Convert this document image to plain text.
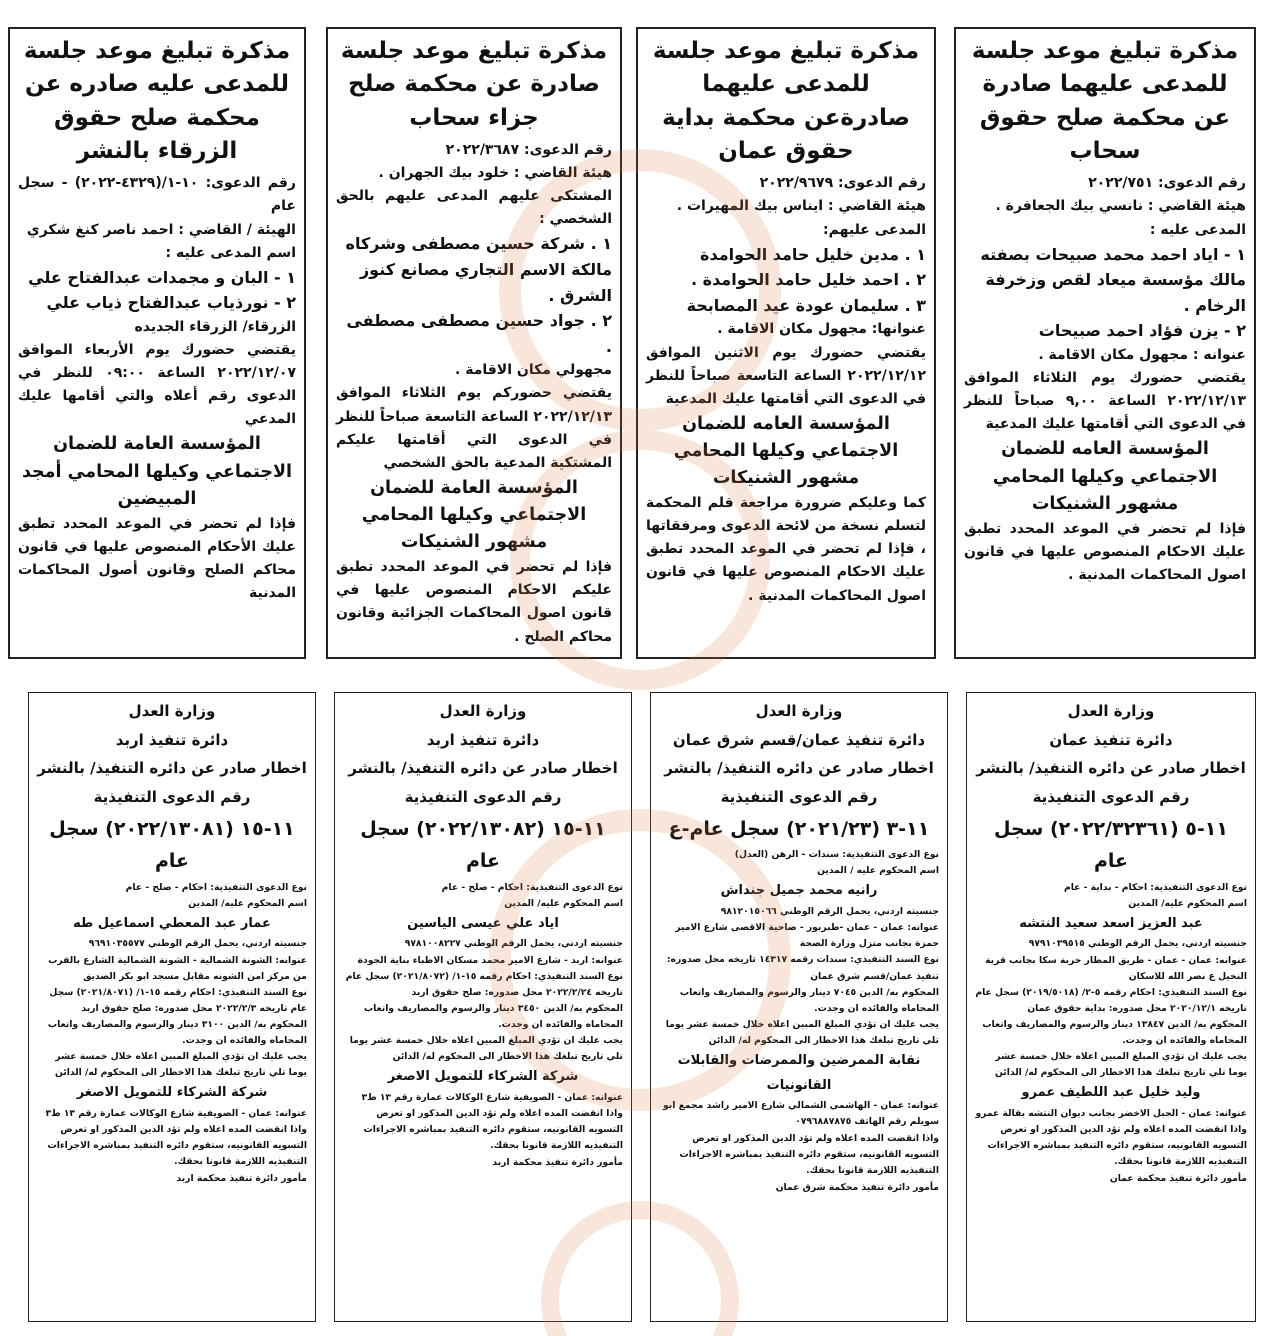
مذكرة تبليغ موعد جلسة للمدعى عليهما صادرة عن محكمة صلح حقوق سحاب
رقم الدعوى: ٢٠٢٢/٧٥١
هيئة القاضي : نانسي بيك الجعافرة .
المدعى عليه :
١ - اياد احمد محمد صبيحات بصفته مالك مؤسسة ميعاد لقص وزخرفة الرخام .
٢ - يزن فؤاد احمد صبيحات
عنوانه : مجهول مكان الاقامة .
يقتضي حضورك يوم الثلاثاء الموافق ٢٠٢٢/١٢/١٣ الساعة ٩,٠٠ صباحاً للنظر في الدعوى التي أقامتها عليك المدعية
المؤسسة العامه للضمان الاجتماعي وكيلها المحامي مشهور الشنيكات
فإذا لم تحضر في الموعد المحدد تطبق عليك الاحكام المنصوص عليها في قانون اصول المحاكمات المدنية .
مذكرة تبليغ موعد جلسة للمدعى عليهما صادرةعن محكمة بداية حقوق عمان
رقم الدعوى: ٢٠٢٢/٩٦٧٩
هيئة القاضي : ايناس بيك المهيرات .
المدعى عليهم:
١ . مدين خليل حامد الحوامدة
٢ . احمد خليل حامد الحوامدة .
٣ . سليمان عودة عيد المصابحة
عنوانها: مجهول مكان الاقامة .
يقتضي حضورك يوم الاثنين الموافق ٢٠٢٢/١٢/١٢ الساعة التاسعة صباحاً للنظر في الدعوى التي أقامتها عليك المدعية
المؤسسة العامه للضمان الاجتماعي وكيلها المحامي مشهور الشنيكات
كما وعليكم ضرورة مراجعة قلم المحكمة لتسلم نسخة من لائحة الدعوى ومرفقاتها ، فإذا لم تحضر في الموعد المحدد تطبق عليك الاحكام المنصوص عليها في قانون اصول المحاكمات المدنية .
مذكرة تبليغ موعد جلسة صادرة عن محكمة صلح جزاء سحاب
رقم الدعوى: ٢٠٢٢/٣٦٨٧
هيئة القاضي : خلود بيك الجهران .
المشتكى عليهم المدعى عليهم بالحق الشخصي :
١ . شركة حسين مصطفى وشركاه مالكة الاسم التجاري مصانع كنوز الشرق .
٢ . جواد حسين مصطفى مصطفى .
مجهولي مكان الاقامة .
يقتضي حضوركم يوم الثلاثاء الموافق ٢٠٢٢/١٢/١٣ الساعة التاسعة صباحاً للنظر في الدعوى التي أقامتها عليكم المشتكية المدعية بالحق الشخصي
المؤسسة العامة للضمان الاجتماعي وكيلها المحامي مشهور الشنيكات
فإذا لم تحضر في الموعد المحدد تطبق عليكم الاحكام المنصوص عليها في قانون اصول المحاكمات الجزائية وقانون محاكم الصلح .
مذكرة تبليغ موعد جلسة للمدعى عليه صادره عن محكمة صلح حقوق الزرقاء بالنشر
رقم الدعوى: ١٠-١/(٤٣٢٩-٢٠٢٢) - سجل عام
الهيئة / القاضي : احمد ناصر كنغ شكري
اسم المدعى عليه :
١ - البان و مجمدات عبدالفتاح علي
٢ - نورذياب عبدالفتاح ذياب علي
الزرقاء/ الزرقاء الجديده
يقتضي حضورك يوم الأربعاء الموافق ٢٠٢٢/١٢/٠٧ الساعة ٠٩:٠٠ للنظر في الدعوى رقم أعلاه والتي أقامها عليك المدعي
المؤسسة العامة للضمان الاجتماعي وكيلها المحامي أمجد المبيضين
فإذا لم تحضر في الموعد المحدد تطبق عليك الأحكام المنصوص عليها في قانون محاكم الصلح وقانون أصول المحاكمات المدنية
وزارة العدل
دائرة تنفيذ عمان
اخطار صادر عن دائره التنفيذ/ بالنشر
رقم الدعوى التنفيذية
١١-٥ (٢٠٢٢/٣٢٣٦١) سجل عام
نوع الدعوى التنفيذية: احكام - بداية - عام
اسم المحكوم عليه/ المدين
عبد العزيز اسعد سعيد النتشه
جنسيته اردني، يحمل الرقم الوطني ٩٧٩١٠٣٩٥١٥
عنوانه: عمان - عمان - طريق المطار خربة سكا بجانب قرية النخيل ع نصر الله للاسكان
نوع السند التنفيذي: احكام رقمه ٥-٢/ (٢٠١٩/٥٠١٨) سجل عام تاريخه ٢٠٢٠/١٢/١ محل صدوره: بداية حقوق عمان
المحكوم به/ الدين ١٣٨٤٧ دينار والرسوم والمصاريف واتعاب المحاماه والفائده ان وجدت.
يجب عليك ان تؤدي المبلغ المبين اعلاه خلال خمسة عشر يوما تلي تاريخ تبلغك هذا الاخطار الى المحكوم له/ الدائن
وليد خليل عبد اللطيف عمرو
عنوانه: عمان - الجبل الاخضر بجانب ديوان النتشه بقالة عمرو
واذا انقضت المده اعلاه ولم تؤد الدين المذكور او تعرض التسويه القانونيه، ستقوم دائره التنفيذ بمباشره الاجراءات التنفيذيه اللازمة قانونا بحقك.
مأمور دائرة تنفيذ محكمة عمان
وزارة العدل
دائرة تنفيذ عمان/قسم شرق عمان
اخطار صادر عن دائره التنفيذ/ بالنشر
رقم الدعوى التنفيذية
١١-٣ (٢٠٢١/٢٣) سجل عام-ع
نوع الدعوى التنفيذية: سندات - الرهن (العدل)
اسم المحكوم عليه / المدين
رانيه محمد جميل جنداش
جنسيته اردني، يحمل الرقم الوطني ٩٨١٢٠١٥٠٦٦
عنوانه: عمان - عمان -طبربور - ضاحية الاقصى شارع الامير حمزة بجانب منزل وزارة الصحة
نوع السند التنفيذي: سندات رقمه ١٤٣١٧ تاريخه محل صدوره: تنفيذ عمان/قسم شرق عمان
المحكوم به/ الدين ٧٠٤٥ دينار والرسوم والمصاريف واتعاب المحاماه والفائده ان وجدت.
يجب عليك ان تؤدي المبلغ المبين اعلاه خلال خمسة عشر يوما تلي تاريخ تبلغك هذا الاخطار الى المحكوم له/ الدائن
نقابة الممرضين والممرضات والقابلات القانونيات
عنوانه: عمان - الهاشمي الشمالي شارع الامير راشد مجمع ابو سويلم رقم الهاتف ٠٧٩٦٨٨٧٨٧٥
واذا انقضت المده اعلاه ولم تؤد الدين المذكور او تعرض التسويه القانونيه، ستقوم دائره التنفيذ بمباشره الاجراءات التنفيذيه اللازمة قانونا بحقك.
مأمور دائرة تنفيذ محكمة شرق عمان
وزارة العدل
دائرة تنفيذ اربد
اخطار صادر عن دائره التنفيذ/ بالنشر
رقم الدعوى التنفيذية
١١-١٥ (٢٠٢٢/١٣٠٨٢) سجل عام
نوع الدعوى التنفيذية: احكام - صلح - عام
اسم المحكوم عليه/ المدين
اياد علي عيسى الياسين
جنسيته اردني، يحمل الرقم الوطني ٩٧٨١٠٠٨٢٢٧
عنوانه: اربد - شارع الامير محمد مسكان الاطباء بناية الجودة
نوع السند التنفيذي: احكام رقمه ١٥-١/ (٢٠٢١/٨٠٧٢) سجل عام تاريخه ٢٠٢٢/٢/٢٤ محل صدوره: صلح حقوق اربد
المحكوم به/ الدين ٣٤٥٠ دينار والرسوم والمصاريف واتعاب المحاماه والفائده ان وجدت.
يجب عليك ان تؤدي المبلغ المبين اعلاه خلال خمسة عشر يوما تلي تاريخ تبلغك هذا الاخطار الى المحكوم له/ الدائن
شركة الشركاء للتمويل الاصغر
عنوانه: عمان - الصويفية شارع الوكالات عمارة رقم ١٣ ط٣
واذا انقضت المده اعلاه ولم تؤد الدين المذكور او تعرض التسويه القانونيه، ستقوم دائره التنفيذ بمباشره الاجراءات التنفيذيه اللازمة قانونا بحقك.
مأمور دائرة تنفيذ محكمة اربد
وزارة العدل
دائرة تنفيذ اربد
اخطار صادر عن دائره التنفيذ/ بالنشر
رقم الدعوى التنفيذية
١١-١٥ (٢٠٢٢/١٣٠٨١) سجل عام
نوع الدعوى التنفيذية: احكام - صلح - عام
اسم المحكوم عليه/ المدين
عمار عبد المعطي اسماعيل طه
جنسيته اردني، يحمل الرقم الوطني ٩٦٩١٠٣٥٥٧٧
عنوانه: الشونة الشمالية - الشونة الشمالية الشارع بالقرب من مركز امن الشونه مقابل مسجد ابو بكر الصديق
نوع السند التنفيذي: احكام رقمه ١٥-١/ (٢٠٢١/٨٠٧١) سجل عام تاريخه ٢٠٢٢/٢/٣ محل صدوره: صلح حقوق اربد
المحكوم به/ الدين ٣١٠٠ دينار والرسوم والمصاريف واتعاب المحاماه والفائده ان وجدت.
يجب عليك ان تؤدي المبلغ المبين اعلاه خلال خمسة عشر يوما تلي تاريخ تبلغك هذا الاخطار الى المحكوم له/ الدائن
شركة الشركاء للتمويل الاصغر
عنوانه: عمان - الصويفية شارع الوكالات عمارة رقم ١٣ ط٣
واذا انقضت المده اعلاه ولم تؤد الدين المذكور او تعرض التسويه القانونيه، ستقوم دائره التنفيذ بمباشره الاجراءات التنفيذيه اللازمة قانونا بحقك.
مأمور دائرة تنفيذ محكمة اربد
